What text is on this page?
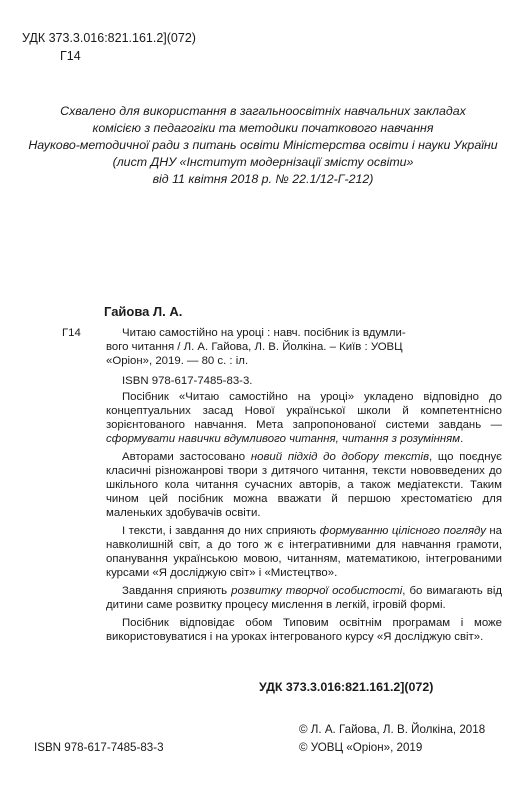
УДК 373.3.016:821.161.2](072)
Г14

Схвалено для використання в загальноосвітніх навчальних закладах

комісією з педагогіки та методики початкового навчання

Науково-методичної ради з питань освіти Міністерства освіти і науки України

(лист ДНУ «Інститут модернізації змісту освіти»

від 11 квітня 2018 р. № 22.1/12-Г-212)

Гайова Л. А.
Г14	Читаю самостійно на уроці : навч. посібник із вдумли-

вого читання / Л. А. Гайова, Л. В. Йолкіна. – Київ : УОВЦ

«Оріон», 2019. — 80 с. : іл.

ISBN 978-617-7485-83-3.

Посібник «Читаю самостійно на уроці» укладено відповідно до концептуальних засад Нової української школи й компетентнісно зорієнтованого навчання. Мета запропонованої системи завдань — сформувати навички вдумливого читання, читання з розумінням.

Авторами застосовано новий підхід до добору текстів, що поєднує класичні різножанрові твори з дитячого читання, тексти нововведених до шкільного кола читання сучасних авторів, а також медіатексти. Таким чином цей посібник можна вважати й першою хрестоматією для маленьких здобувачів освіти.

І тексти, і завдання до них сприяють формуванню цілісного погляду на навколишній світ, а до того ж є інтегративними для навчання грамоти, опанування українською мовою, читанням, математикою, інтегрованими курсами «Я досліджую світ» і «Мистецтво».

Завдання сприяють розвитку творчої особистості, бо вимагають від дитини саме розвитку процесу мислення в легкій, ігровій формі.

Посібник відповідає обом Типовим освітнім програмам і може використовуватися і на уроках інтегрованого курсу «Я досліджую світ».

УДК 373.3.016:821.161.2](072)
ISBN 978-617-7485-83-3
© Л. А. Гайова, Л. В. Йолкіна, 2018
© УОВЦ «Оріон», 2019
